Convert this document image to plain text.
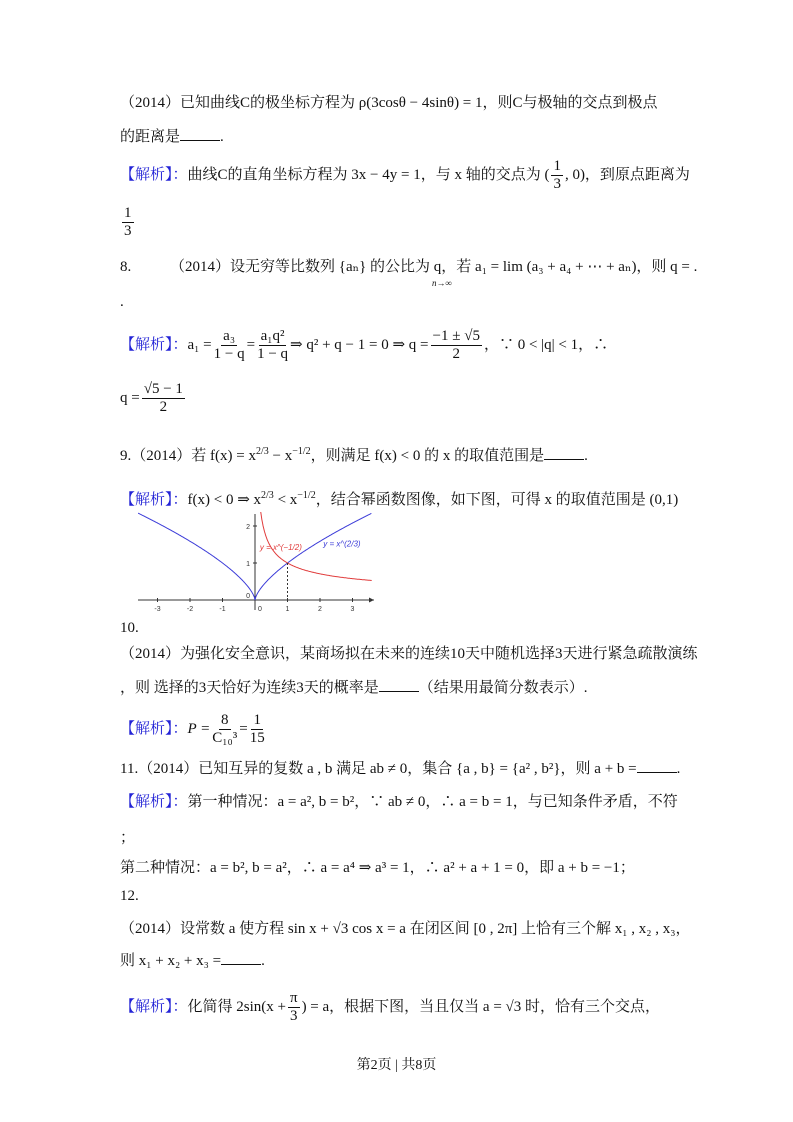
（2014）已知曲线C的极坐标方程为 ρ(3cosθ − 4sinθ) = 1，则C与极轴的交点到极点
的距离是	.
【解析】：曲线C的直角坐标方程为 3x − 4y = 1，与 x 轴的交点为 ( $\frac{1}{3}$ , 0)，到原点距离为
$\frac{1}{3}$
8.	（2014）设无穷等比数列 {aₙ} 的公比为 q，若 a₁ = lim (a₃ + a₄ + ⋯ + aₙ)，则 q = .
n→∞
.
【解析】：$a_1 = \frac{\text{a₃}}{1 - q} = \frac{\text{a₁q²}}{1 - q}$ ⇒ q² + q − 1 = 0 ⇒ $q = \frac{-1 \pm √5}{2}$ ，∵ 0 < |q| < 1，∴
$q = \frac{√5 - 1}{2}$
9.（2014）若 $f(x) = x^{2/3} - x^{-1/2}$，则满足 f(x) < 0 的 x 的取值范围是	.
【解析】：f(x) < 0 ⇒ $x^{2/3} < x^{-1/2}$，结合幂函数图像，如下图，可得 x 的取值范围是 (0,1)
-3	-2	-1	0	1	2	3
1
2
0
y = x^(−1/2)	y = x^(2/3)
10.
（2014）为强化安全意识，某商场拟在未来的连续10天中随机选择3天进行紧急疏散演练
，则 选择的3天恰好为连续3天的概率是	（结果用最简分数表示）.
【解析】：$P = \frac{8}{\text{C₁₀³}} = \frac{1}{15}$
11.（2014）已知互异的复数 a , b 满足 ab ≠ 0，集合 {a , b} = {a² , b²}，则 a + b =	.
【解析】：第一种情况：a = a², b = b²，∵ ab ≠ 0，∴ a = b = 1，与已知条件矛盾，不符
；
第二种情况：a = b², b = a²，∴ a = a⁴ ⇒ a³ = 1，∴ a² + a + 1 = 0，即 a + b = −1；
12.
（2014）设常数 a 使方程 sin x + √3 cos x = a 在闭区间 [0 , 2π] 上恰有三个解 x₁ , x₂ , x₃，
则 x₁ + x₂ + x₃ =	.
【解析】：化简得 $2\sin(x + \frac{\pi}{3}$ ) = a，根据下图，当且仅当 a = √3 时，恰有三个交点，
第2页 | 共8页
